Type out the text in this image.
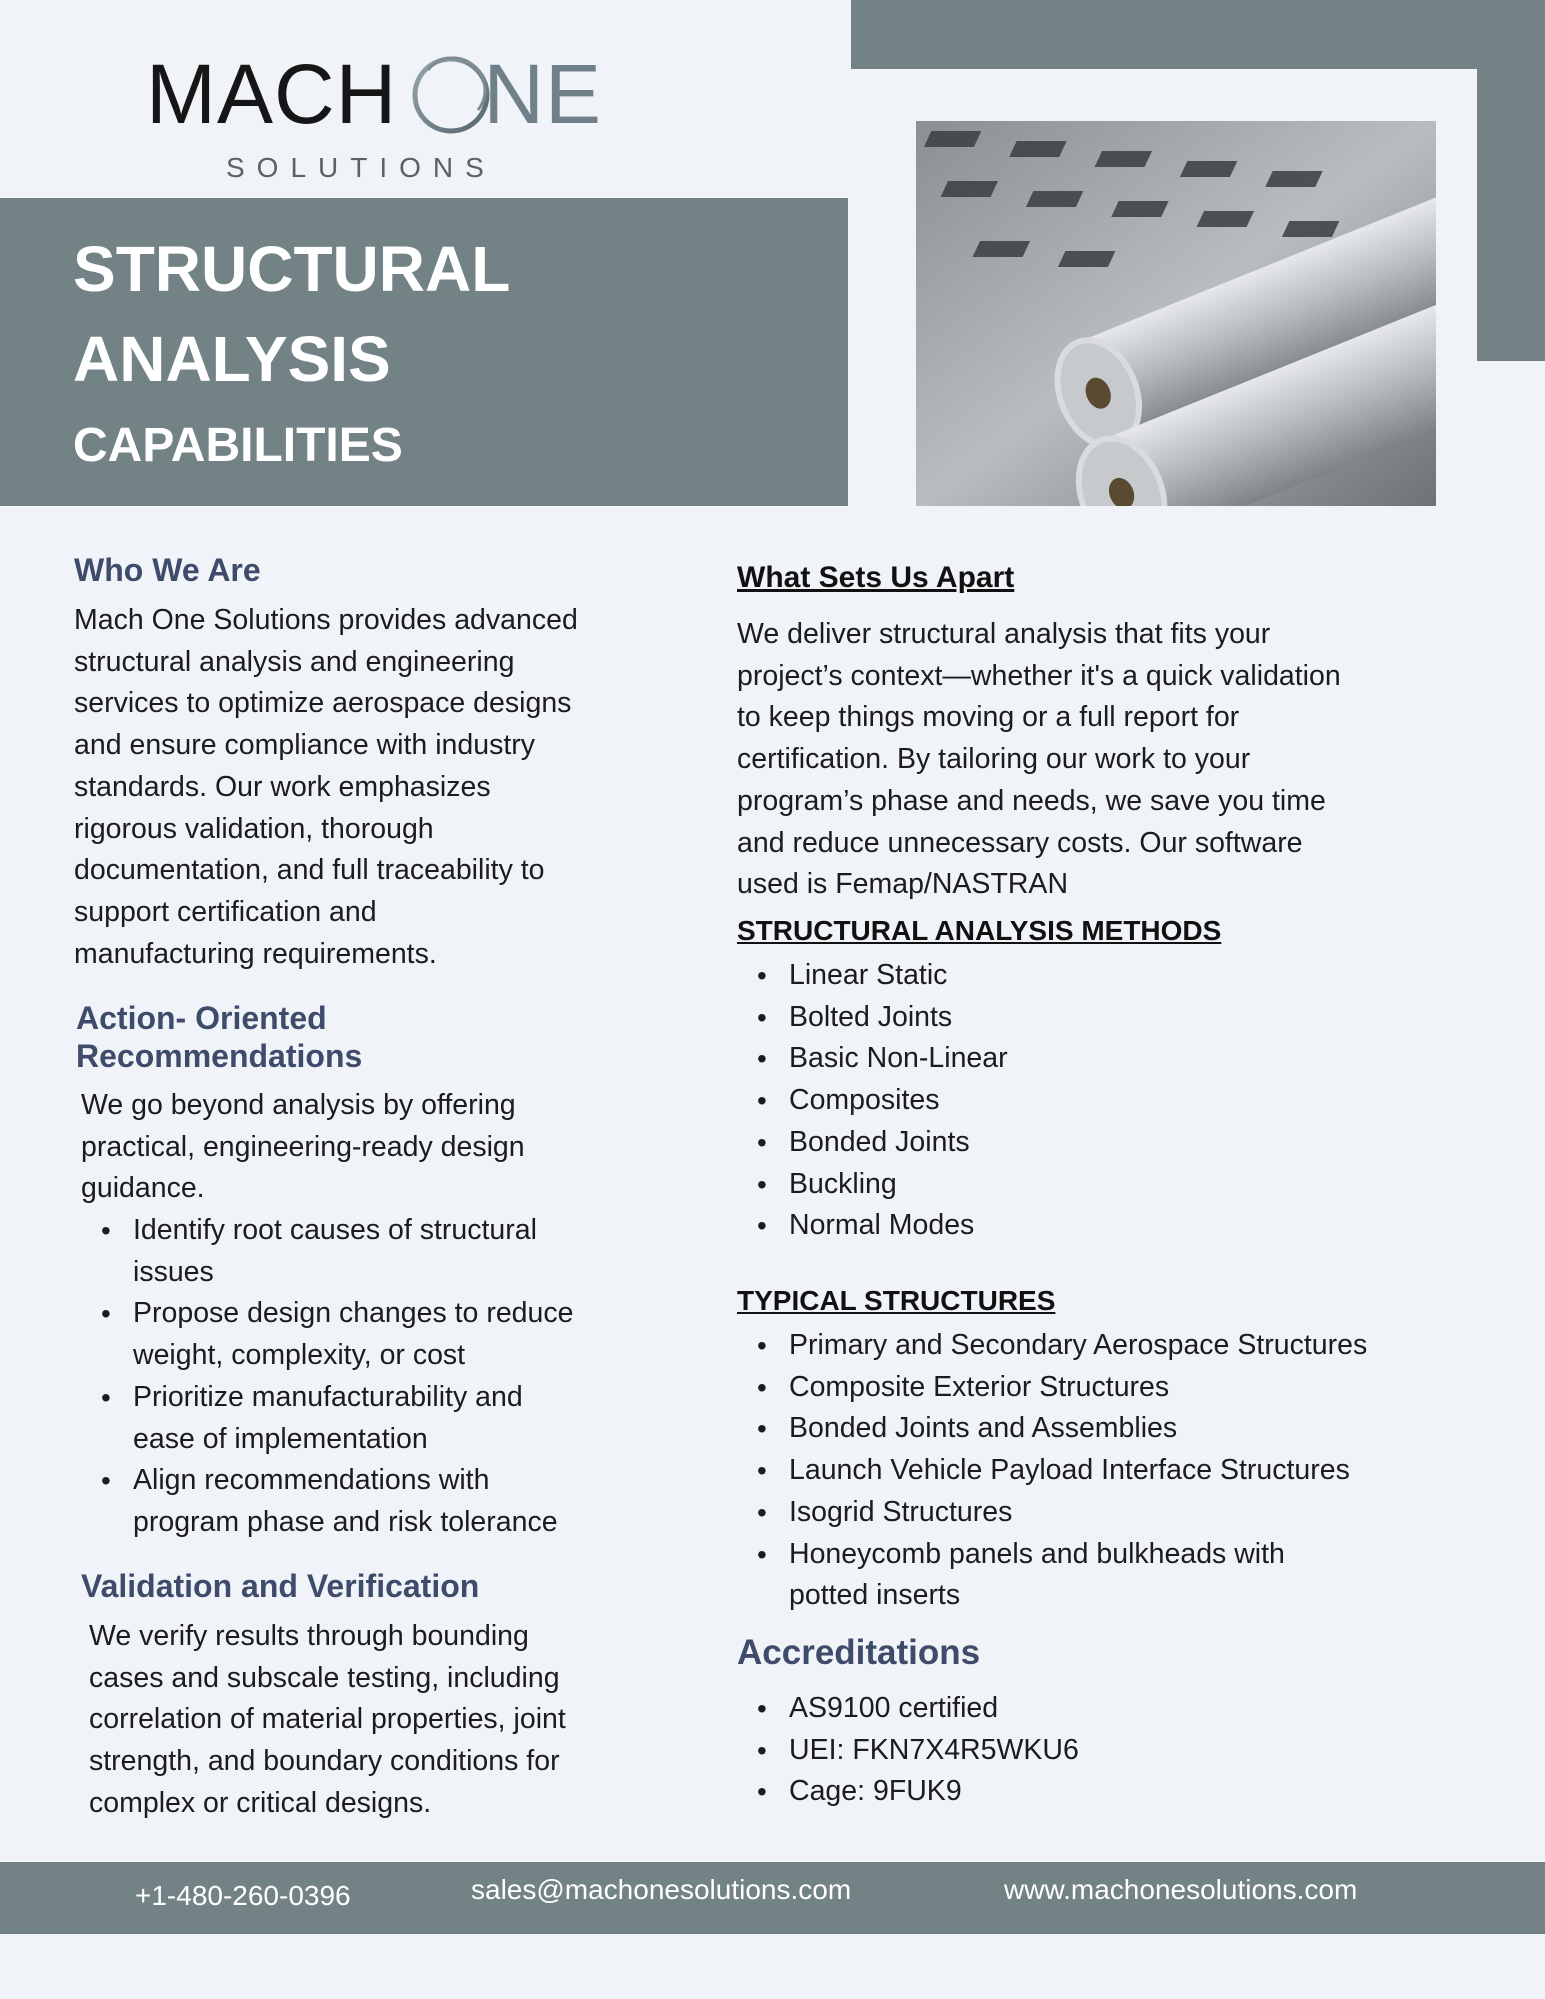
MACH NE
SOLUTIONS
STRUCTURAL
ANALYSIS
CAPABILITIES
Who We Are
Mach One Solutions provides advanced
structural analysis and engineering
services to optimize aerospace designs
and ensure compliance with industry
standards. Our work emphasizes
rigorous validation, thorough
documentation, and full traceability to
support certification and
manufacturing requirements.
Action- Oriented
Recommendations
We go beyond analysis by offering
practical, engineering-ready design
guidance.
• Identify root causes of structural
issues
• Propose design changes to reduce
weight, complexity, or cost
• Prioritize manufacturability and
ease of implementation
• Align recommendations with
program phase and risk tolerance
Validation and Verification
We verify results through bounding
cases and subscale testing, including
correlation of material properties, joint
strength, and boundary conditions for
complex or critical designs.
What Sets Us Apart
We deliver structural analysis that fits your
project’s context—whether it's a quick validation
to keep things moving or a full report for
certification. By tailoring our work to your
program’s phase and needs, we save you time
and reduce unnecessary costs. Our software
used is Femap/NASTRAN
STRUCTURAL ANALYSIS METHODS
• Linear Static
• Bolted Joints
• Basic Non-Linear
• Composites
• Bonded Joints
• Buckling
• Normal Modes
TYPICAL STRUCTURES
• Primary and Secondary Aerospace Structures
• Composite Exterior Structures
• Bonded Joints and Assemblies
• Launch Vehicle Payload Interface Structures
• Isogrid Structures
• Honeycomb panels and bulkheads with
potted inserts
Accreditations
• AS9100 certified
• UEI: FKN7X4R5WKU6
• Cage: 9FUK9
+1-480-260-0396	sales@machonesolutions.com	www.machonesolutions.com
